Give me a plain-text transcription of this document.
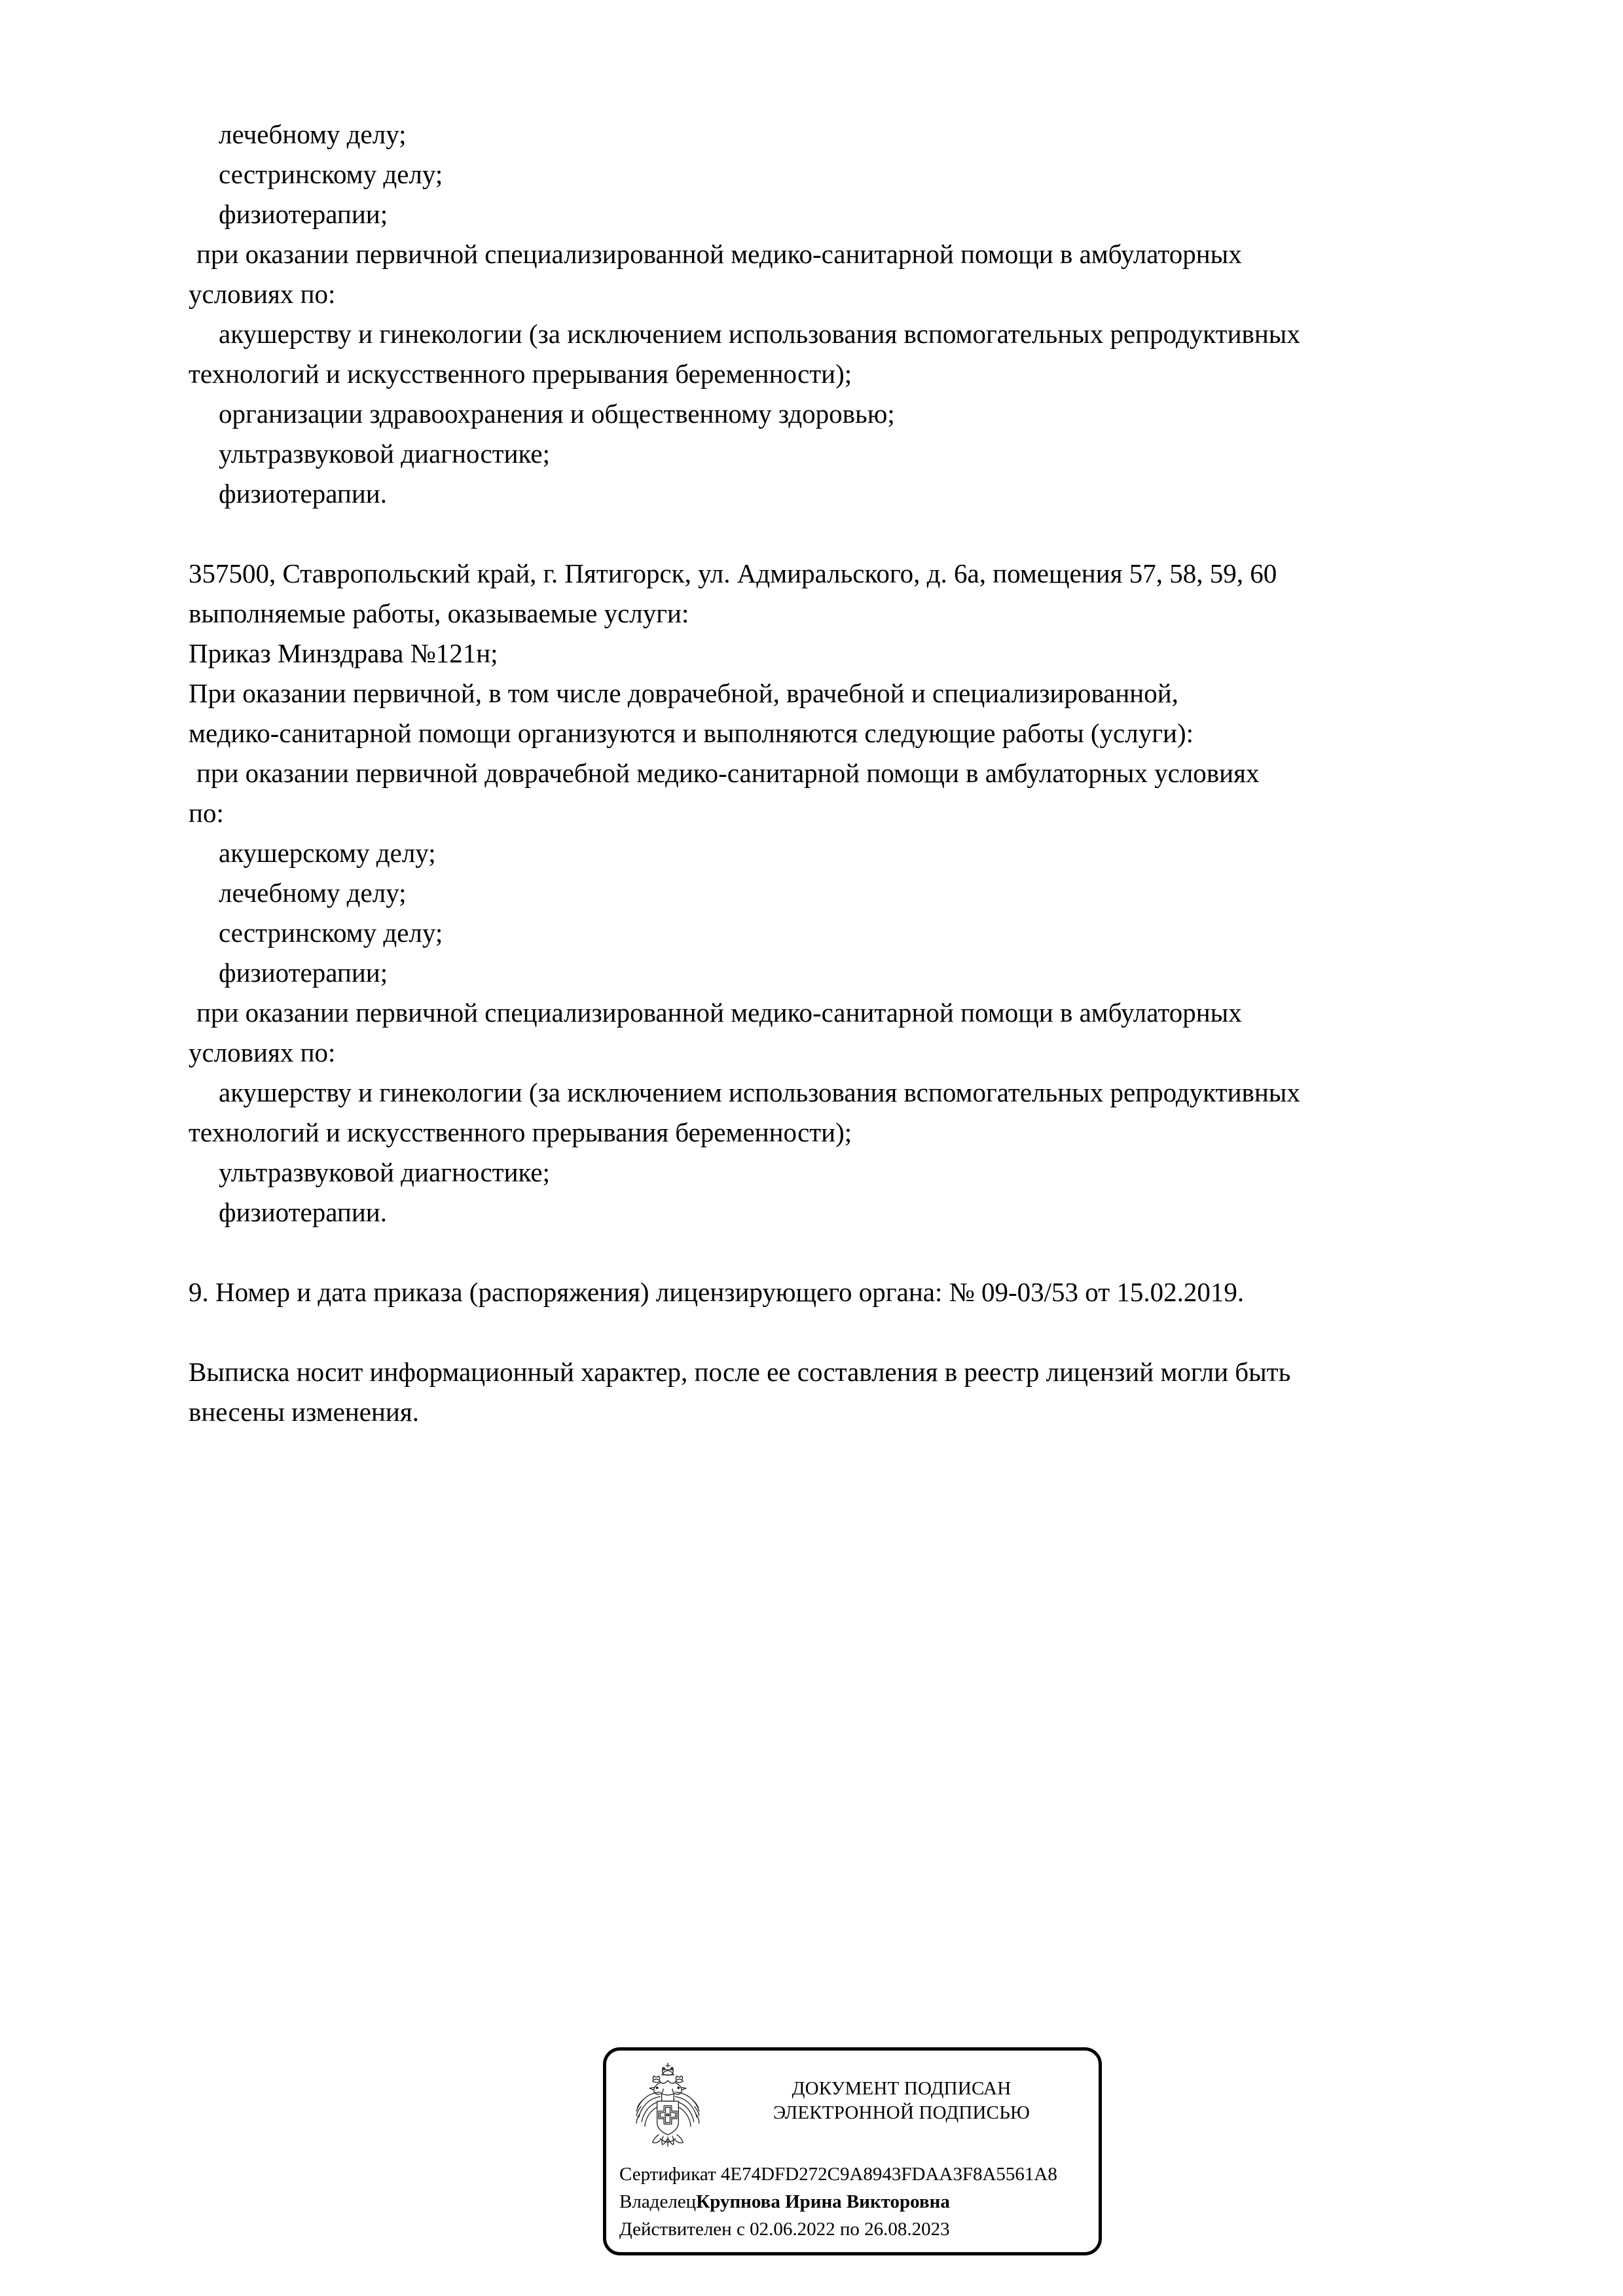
лечебному делу;

сестринскому делу;

физиотерапии;

при оказании первичной специализированной медико-санитарной помощи в амбулаторных

условиях по:

акушерству и гинекологии (за исключением использования вспомогательных репродуктивных

технологий и искусственного прерывания беременности);

организации здравоохранения и общественному здоровью;

ультразвуковой диагностике;

физиотерапии.

357500, Ставропольский край, г. Пятигорск, ул. Адмиральского, д. 6а, помещения 57, 58, 59, 60

выполняемые работы, оказываемые услуги:

Приказ Минздрава №121н;

При оказании первичной, в том числе доврачебной, врачебной и специализированной,

медико-санитарной помощи организуются и выполняются следующие работы (услуги):

при оказании первичной доврачебной медико-санитарной помощи в амбулаторных условиях

по:

акушерскому делу;

лечебному делу;

сестринскому делу;

физиотерапии;

при оказании первичной специализированной медико-санитарной помощи в амбулаторных

условиях по:

акушерству и гинекологии (за исключением использования вспомогательных репродуктивных

технологий и искусственного прерывания беременности);

ультразвуковой диагностике;

физиотерапии.

9. Номер и дата приказа (распоряжения) лицензирующего органа: № 09-03/53 от 15.02.2019.

Выписка носит информационный характер, после ее составления в реестр лицензий могли быть

внесены изменения.

ДОКУМЕНТ ПОДПИСАН
ЭЛЕКТРОННОЙ ПОДПИСЬЮ
Сертификат 4E74DFD272C9A8943FDAA3F8A5561A8
ВладелецКрупнова Ирина Викторовна
Действителен с 02.06.2022 по 26.08.2023
